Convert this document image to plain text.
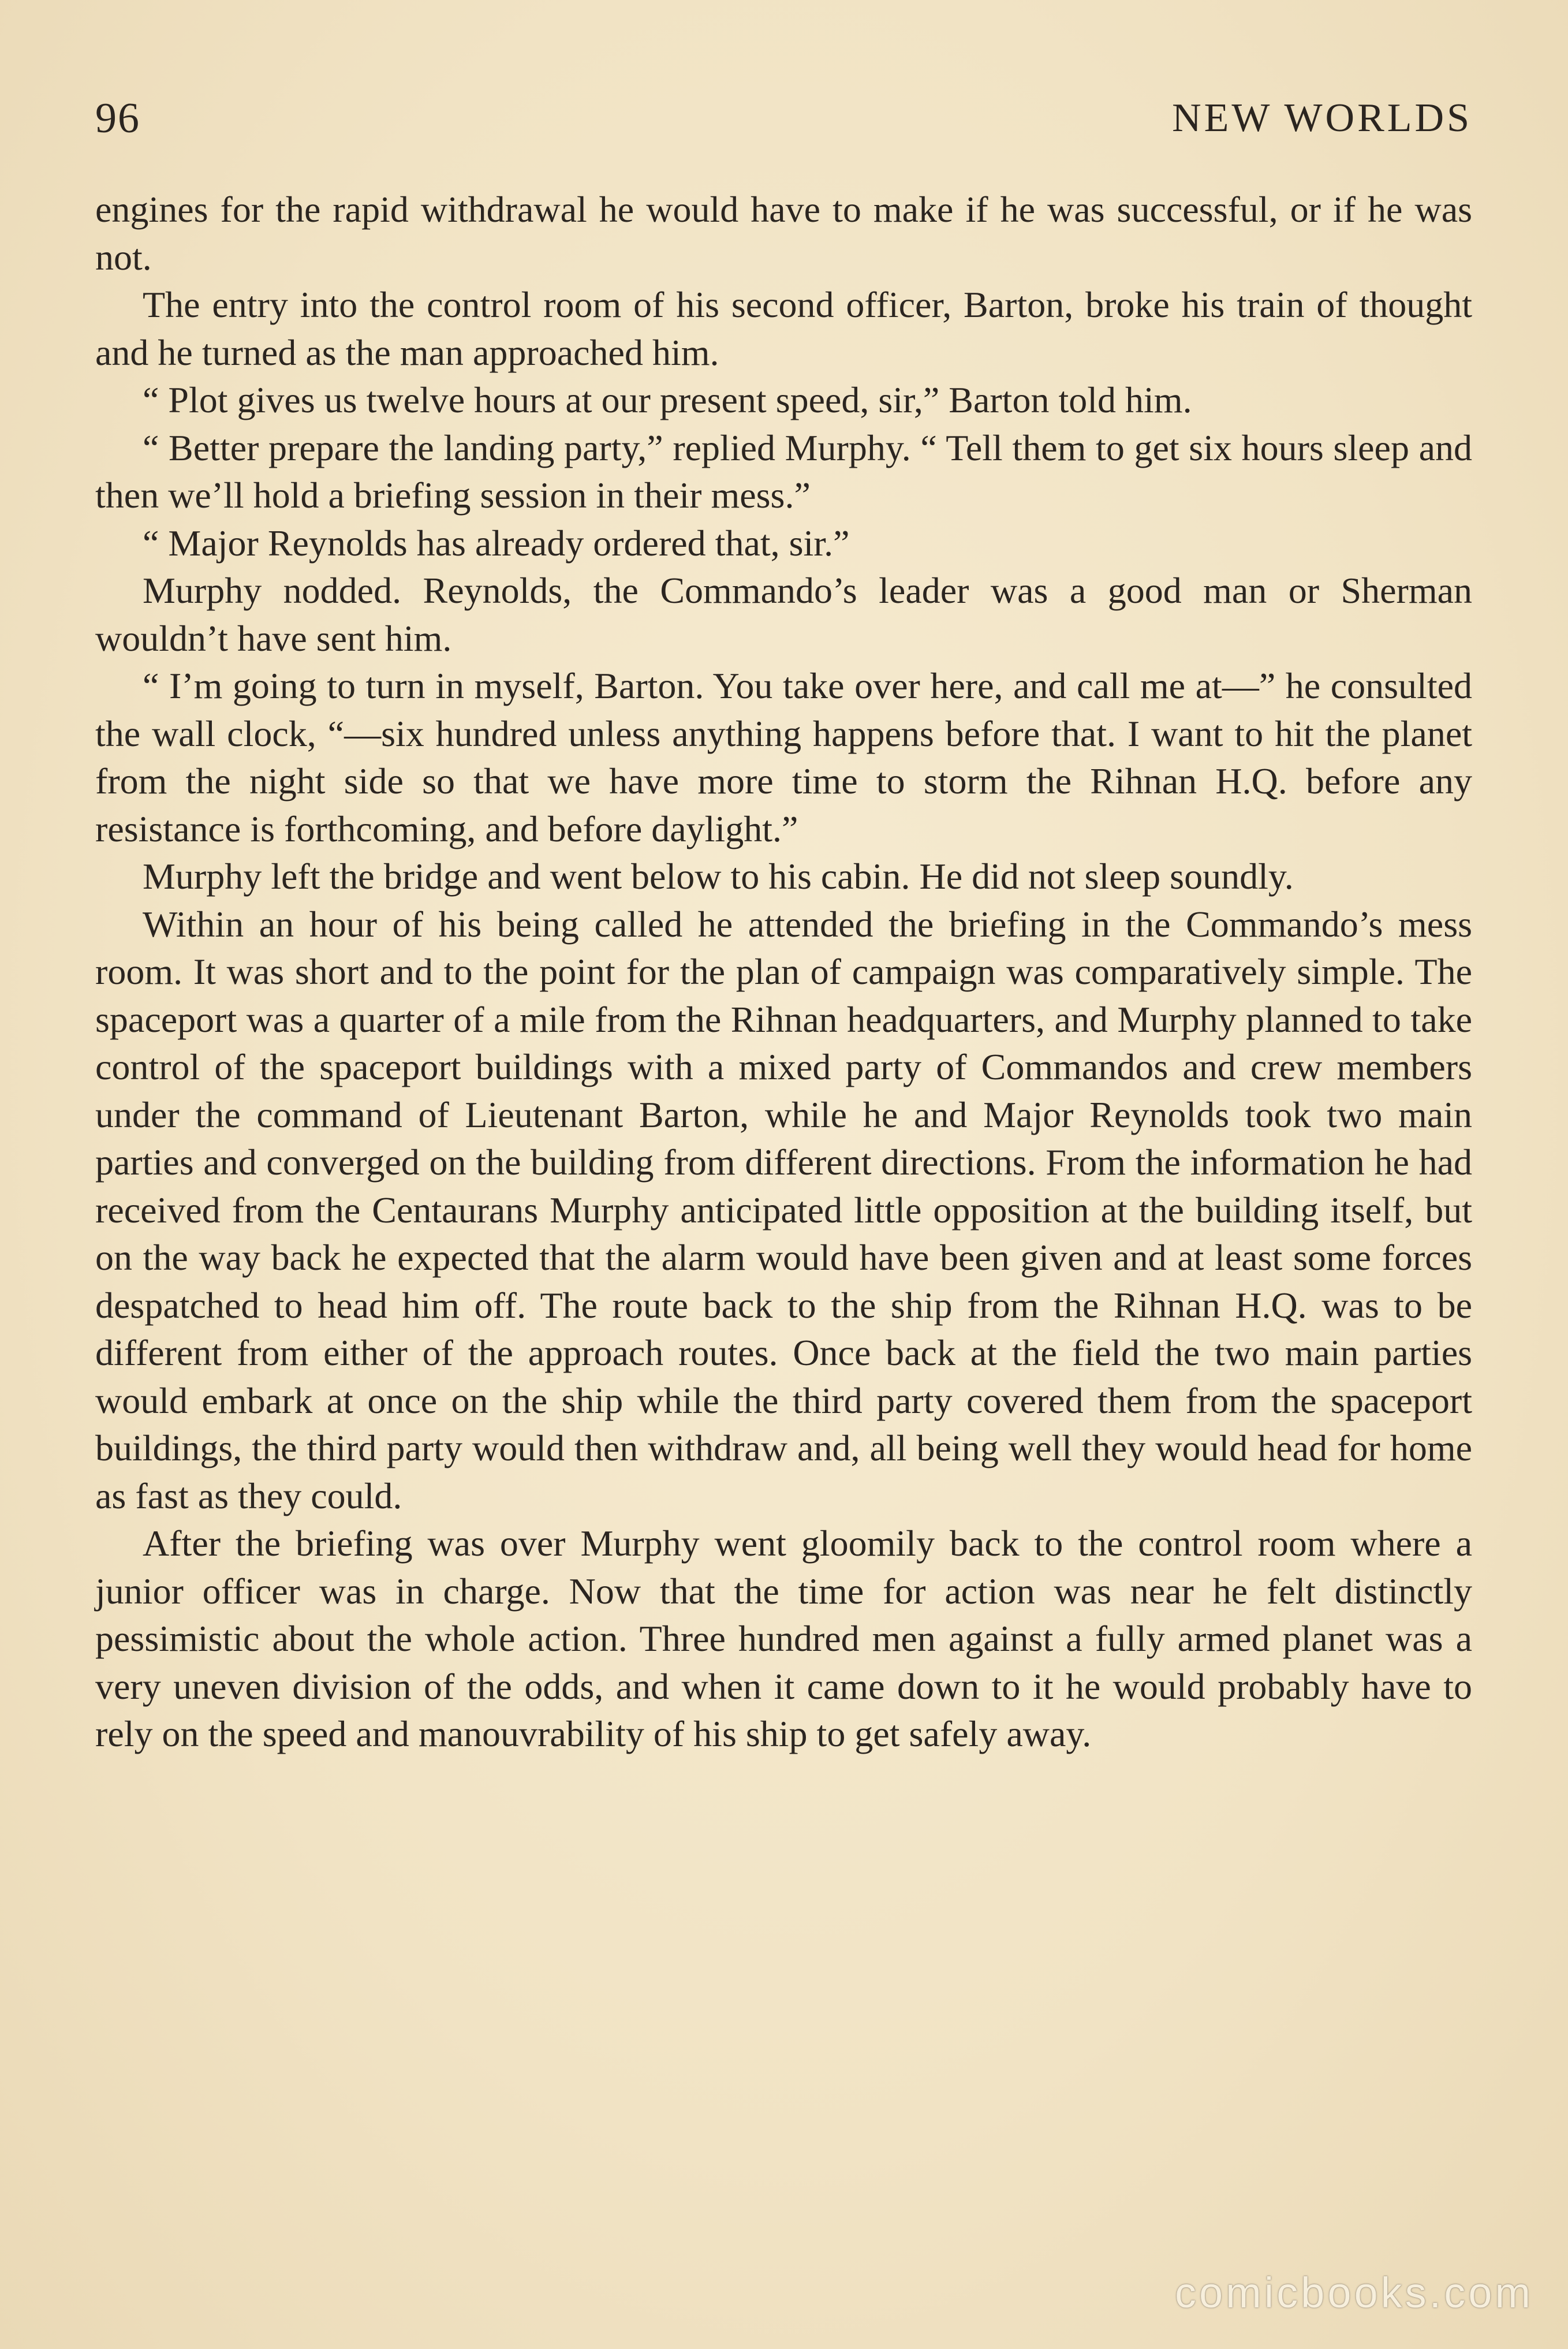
96	NEW WORLDS

engines for the rapid withdrawal he would have to make if he was successful, or if he was not.

The entry into the control room of his second officer, Barton, broke his train of thought and he turned as the man approached him.

“ Plot gives us twelve hours at our present speed, sir,” Barton told him.

“ Better prepare the landing party,” replied Murphy. “ Tell them to get six hours sleep and then we’ll hold a briefing session in their mess.”

“ Major Reynolds has already ordered that, sir.”

Murphy nodded. Reynolds, the Commando’s leader was a good man or Sherman wouldn’t have sent him.

“ I’m going to turn in myself, Barton. You take over here, and call me at—” he consulted the wall clock, “—six hundred unless anything happens before that. I want to hit the planet from the night side so that we have more time to storm the Rihnan H.Q. before any resistance is forthcoming, and before daylight.”

Murphy left the bridge and went below to his cabin. He did not sleep soundly.

Within an hour of his being called he attended the briefing in the Commando’s mess room. It was short and to the point for the plan of campaign was comparatively simple. The spaceport was a quarter of a mile from the Rihnan headquarters, and Murphy planned to take control of the spaceport buildings with a mixed party of Commandos and crew members under the command of Lieutenant Barton, while he and Major Reynolds took two main parties and converged on the building from different directions. From the information he had received from the Centaurans Murphy anticipated little opposition at the building itself, but on the way back he expected that the alarm would have been given and at least some forces despatched to head him off. The route back to the ship from the Rihnan H.Q. was to be different from either of the approach routes. Once back at the field the two main parties would embark at once on the ship while the third party covered them from the spaceport buildings, the third party would then withdraw and, all being well they would head for home as fast as they could.

After the briefing was over Murphy went gloomily back to the control room where a junior officer was in charge. Now that the time for action was near he felt distinctly pessimistic about the whole action. Three hundred men against a fully armed planet was a very uneven division of the odds, and when it came down to it he would probably have to rely on the speed and manouvrability of his ship to get safely away.

comicbooks.com
